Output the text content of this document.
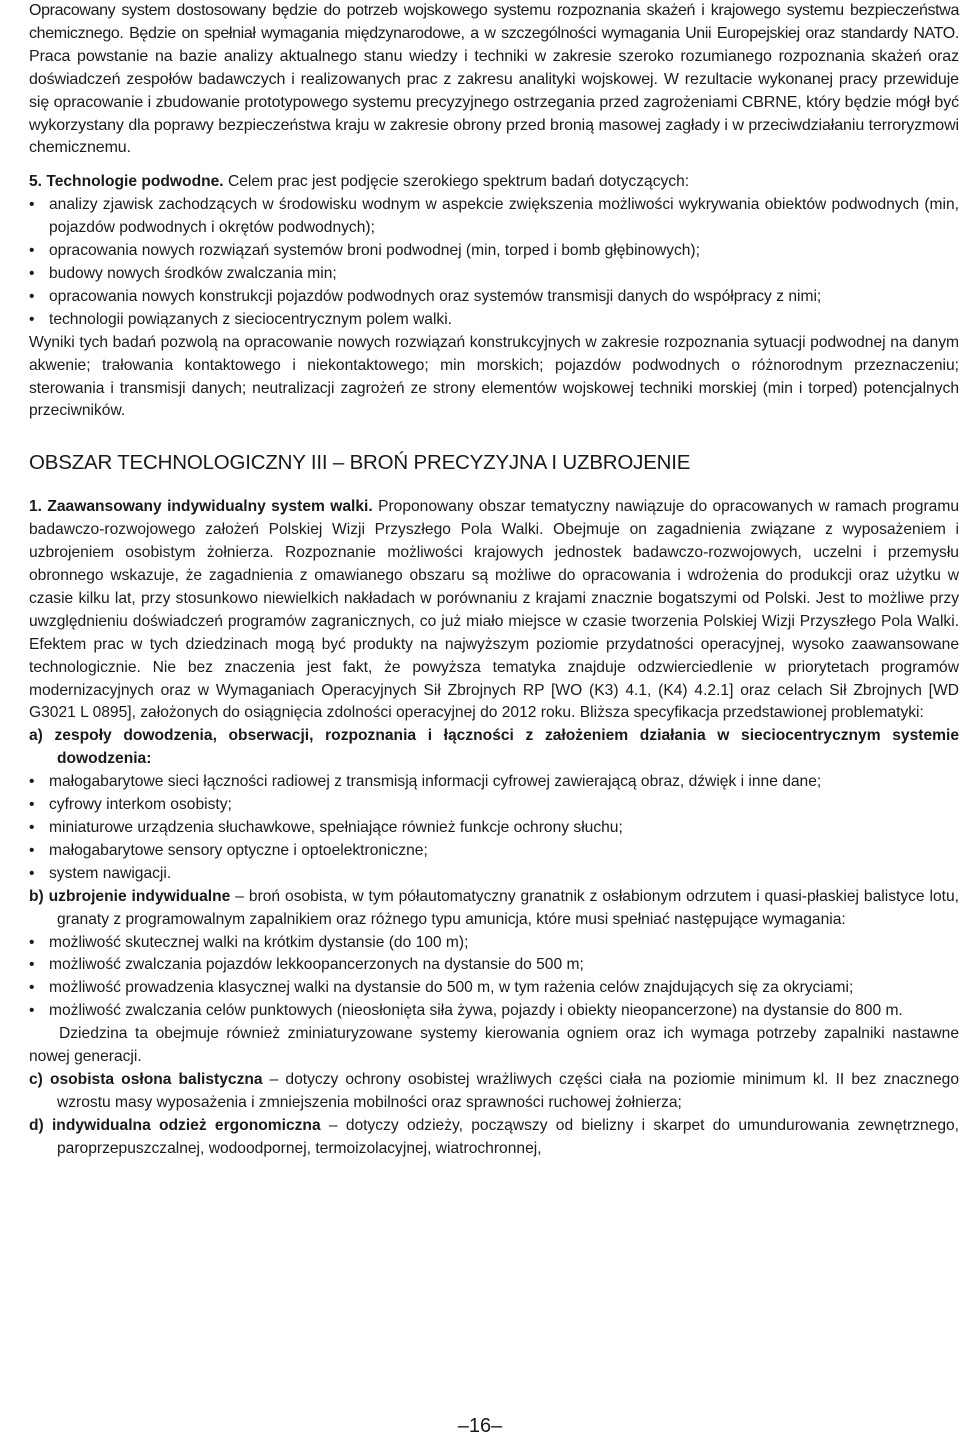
Opracowany system dostosowany będzie do potrzeb wojskowego systemu rozpoznania skażeń i krajowego systemu bezpieczeństwa chemicznego. Będzie on spełniał wymagania międzynarodowe, a w szczególności wymagania Unii Europejskiej oraz standardy NATO. Praca powstanie na bazie analizy aktualnego stanu wiedzy i techniki w zakresie szeroko rozumianego rozpoznania skażeń oraz doświadczeń zespołów badawczych i realizowanych prac z zakresu analityki wojskowej. W rezultacie wykonanej pracy przewiduje się opracowanie i zbudowanie prototypowego systemu precyzyjnego ostrzegania przed zagrożeniami CBRNE, który będzie mógł być wykorzystany dla poprawy bezpieczeństwa kraju w zakresie obrony przed bronią masowej zagłady i w przeciwdziałaniu terroryzmowi chemicznemu.

5. Technologie podwodne. Celem prac jest podjęcie szerokiego spektrum badań dotyczących:

• analizy zjawisk zachodzących w środowisku wodnym w aspekcie zwiększenia możliwości wykrywania obiektów podwodnych (min, pojazdów podwodnych i okrętów podwodnych);
• opracowania nowych rozwiązań systemów broni podwodnej (min, torped i bomb głębinowych);
• budowy nowych środków zwalczania min;
• opracowania nowych konstrukcji pojazdów podwodnych oraz systemów transmisji danych do współpracy z nimi;
• technologii powiązanych z sieciocentrycznym polem walki.

Wyniki tych badań pozwolą na opracowanie nowych rozwiązań konstrukcyjnych w zakresie rozpoznania sytuacji podwodnej na danym akwenie; trałowania kontaktowego i niekontaktowego; min morskich; pojazdów podwodnych o różnorodnym przeznaczeniu; sterowania i transmisji danych; neutralizacji zagrożeń ze strony elementów wojskowej techniki morskiej (min i torped) potencjalnych przeciwników.

OBSZAR TECHNOLOGICZNY III – BROŃ PRECYZYJNA I UZBROJENIE

1. Zaawansowany indywidualny system walki. Proponowany obszar tematyczny nawiązuje do opracowanych w ramach programu badawczo-rozwojowego założeń Polskiej Wizji Przyszłego Pola Walki. Obejmuje on zagadnienia związane z wyposażeniem i uzbrojeniem osobistym żołnierza. Rozpoznanie możliwości krajowych jednostek badawczo-rozwojowych, uczelni i przemysłu obronnego wskazuje, że zagadnienia z omawianego obszaru są możliwe do opracowania i wdrożenia do produkcji oraz użytku w czasie kilku lat, przy stosunkowo niewielkich nakładach w porównaniu z krajami znacznie bogatszymi od Polski. Jest to możliwe przy uwzględnieniu doświadczeń programów zagranicznych, co już miało miejsce w czasie tworzenia Polskiej Wizji Przyszłego Pola Walki. Efektem prac w tych dziedzinach mogą być produkty na najwyższym poziomie przydatności operacyjnej, wysoko zaawansowane technologicznie. Nie bez znaczenia jest fakt, że powyższa tematyka znajduje odzwierciedlenie w priorytetach programów modernizacyjnych oraz w Wymaganiach Operacyjnych Sił Zbrojnych RP [WO (K3) 4.1, (K4) 4.2.1] oraz celach Sił Zbrojnych [WD G3021 L 0895], założonych do osiągnięcia zdolności operacyjnej do 2012 roku. Bliższa specyfikacja przedstawionej problematyki:

a) zespoły dowodzenia, obserwacji, rozpoznania i łączności z założeniem działania w sieciocentrycznym systemie dowodzenia:

• małogabarytowe sieci łączności radiowej z transmisją informacji cyfrowej zawierającą obraz, dźwięk i inne dane;
• cyfrowy interkom osobisty;
• miniaturowe urządzenia słuchawkowe, spełniające również funkcje ochrony słuchu;
• małogabarytowe sensory optyczne i optoelektroniczne;
• system nawigacji.

b) uzbrojenie indywidualne – broń osobista, w tym półautomatyczny granatnik z osłabionym odrzutem i quasi-płaskiej balistyce lotu, granaty z programowalnym zapalnikiem oraz różnego typu amunicja, które musi spełniać następujące wymagania:

• możliwość skutecznej walki na krótkim dystansie (do 100 m);
• możliwość zwalczania pojazdów lekkoopancerzonych na dystansie do 500 m;
• możliwość prowadzenia klasycznej walki na dystansie do 500 m, w tym rażenia celów znajdujących się za okryciami;
• możliwość zwalczania celów punktowych (nieosłonięta siła żywa, pojazdy i obiekty nieopancerzone) na dystansie do 800 m.

Dziedzina ta obejmuje również zminiaturyzowane systemy kierowania ogniem oraz ich wymaga potrzeby zapalniki nastawne nowej generacji.

c) osobista osłona balistyczna – dotyczy ochrony osobistej wrażliwych części ciała na poziomie minimum kl. II bez znacznego wzrostu masy wyposażenia i zmniejszenia mobilności oraz sprawności ruchowej żołnierza;

d) indywidualna odzież ergonomiczna – dotyczy odzieży, począwszy od bielizny i skarpet do umundurowania zewnętrznego, paroprzepuszczalnej, wodoodpornej, termoizolacyjnej, wiatrochronnej,

–16–
